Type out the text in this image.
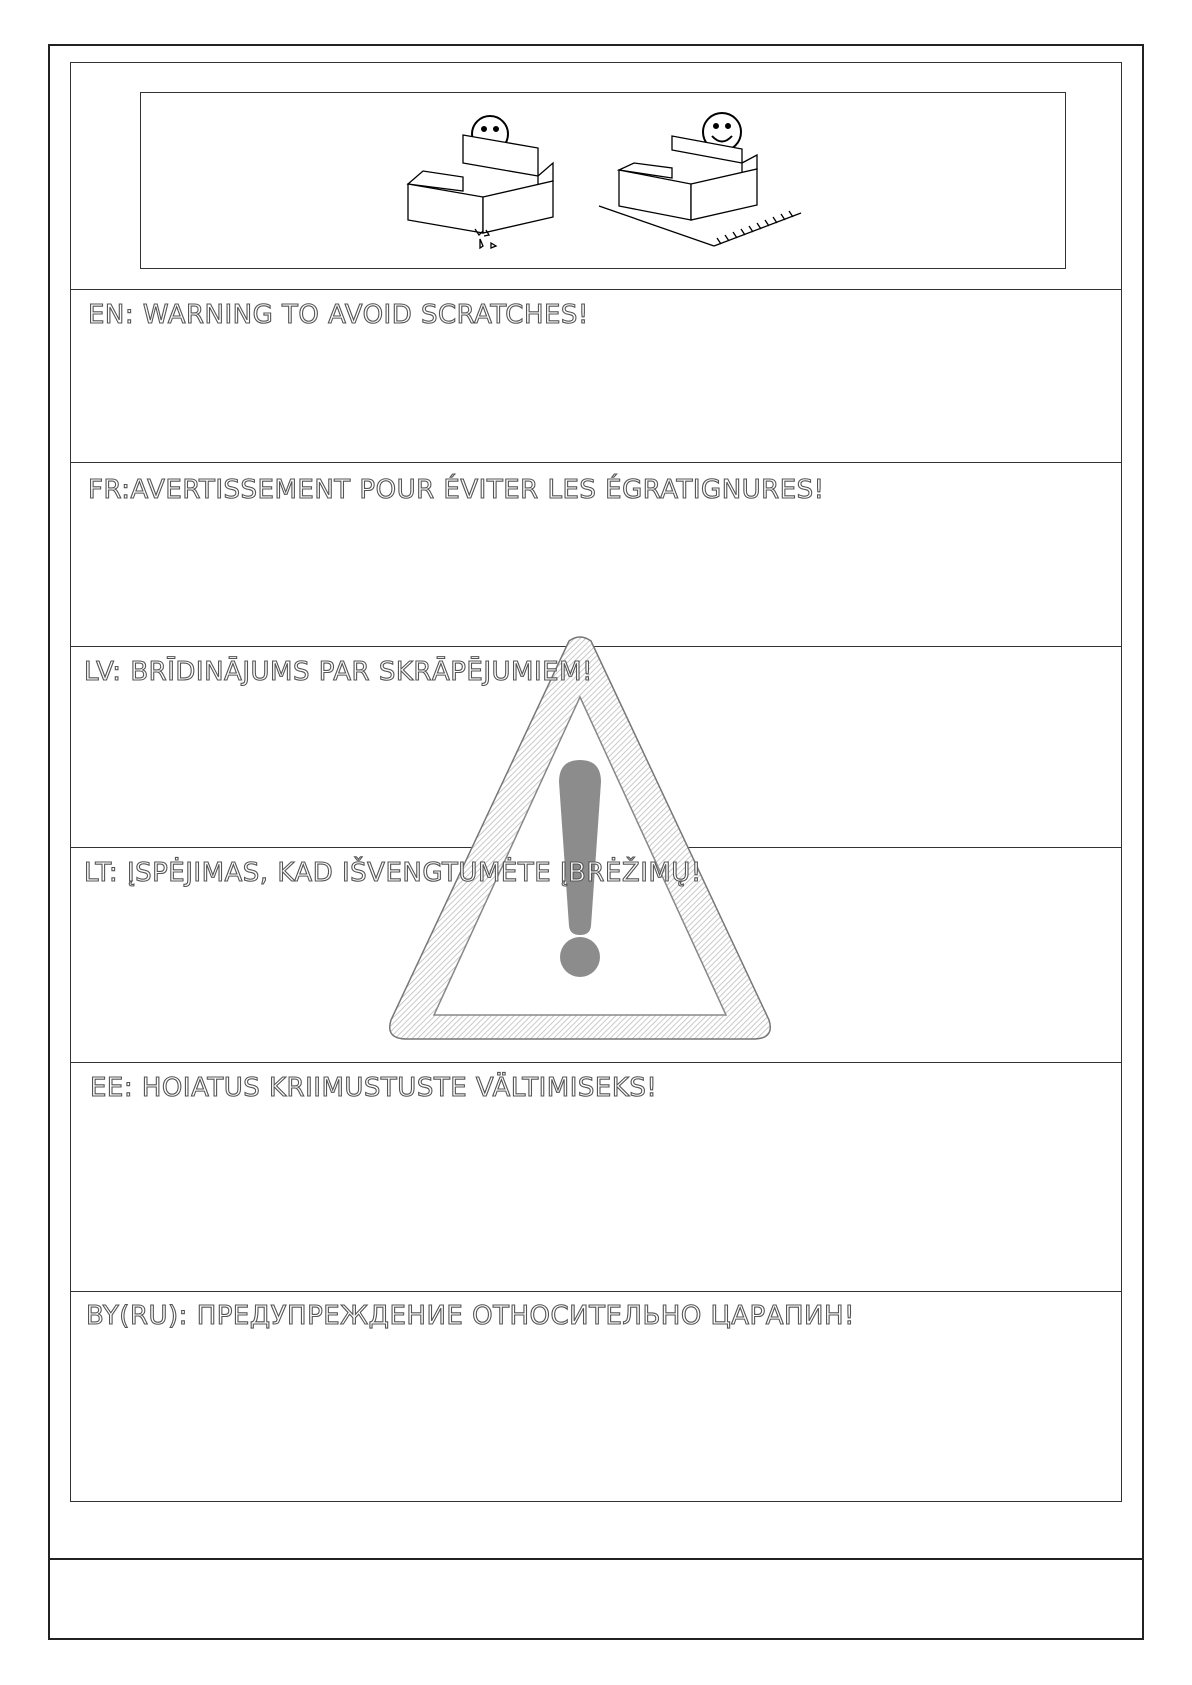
EN: WARNING TO AVOID SCRATCHES!
FR:AVERTISSEMENT POUR ÉVITER LES ÉGRATIGNURES!
LV: BRĪDINĀJUMS PAR SKRĀPĒJUMIEM!
LT: ĮSPĖJIMAS, KAD IŠVENGTUMĖTE ĮBRĖŽIMŲ!
EE: HOIATUS KRIIMUSTUSTE VÄLTIMISEKS!
BY(RU): ПРЕДУПРЕЖДЕНИЕ ОТНОСИТЕЛЬНО ЦАРАПИН!
